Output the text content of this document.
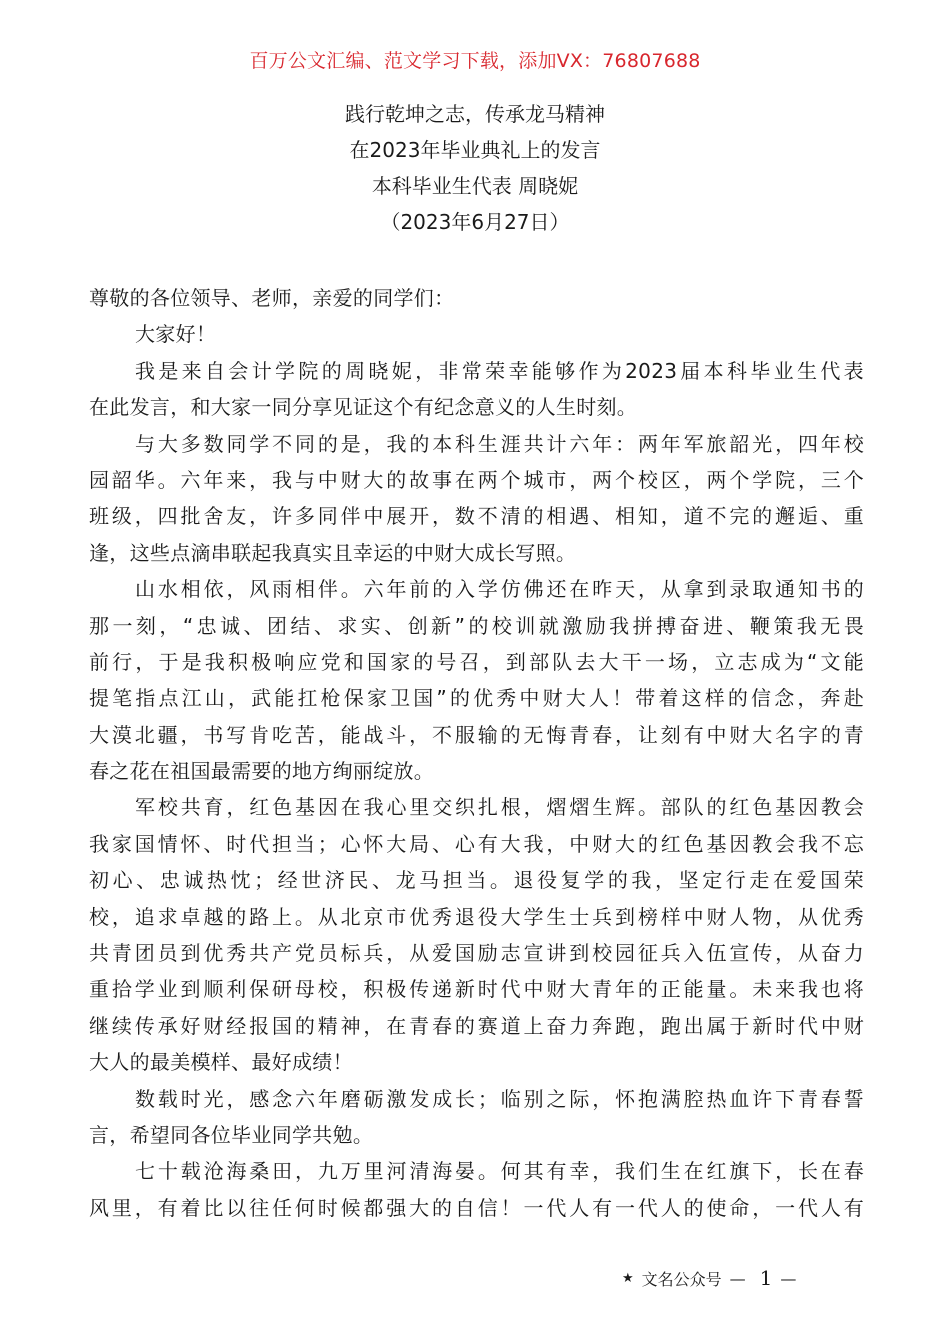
百万公文汇编、范文学习下载，添加VX：76807688
践行乾坤之志，传承龙马精神
在2023年毕业典礼上的发言
本科毕业生代表 周晓妮
（2023年6月27日）
尊敬的各位领导、老师，亲爱的同学们：
大家好！
我是来自会计学院的周晓妮，非常荣幸能够作为2023届本科毕业生代表
在此发言，和大家一同分享见证这个有纪念意义的人生时刻。
与大多数同学不同的是，我的本科生涯共计六年：两年军旅韶光，四年校
园韶华。六年来，我与中财大的故事在两个城市，两个校区，两个学院，三个
班级，四批舍友，许多同伴中展开，数不清的相遇、相知，道不完的邂逅、重
逢，这些点滴串联起我真实且幸运的中财大成长写照。
山水相依，风雨相伴。六年前的入学仿佛还在昨天，从拿到录取通知书的
那一刻，“忠诚、团结、求实、创新”的校训就激励我拼搏奋进、鞭策我无畏
前行，于是我积极响应党和国家的号召，到部队去大干一场，立志成为“文能
提笔指点江山，武能扛枪保家卫国”的优秀中财大人！带着这样的信念，奔赴
大漠北疆，书写肯吃苦，能战斗，不服输的无悔青春，让刻有中财大名字的青
春之花在祖国最需要的地方绚丽绽放。
军校共育，红色基因在我心里交织扎根，熠熠生辉。部队的红色基因教会
我家国情怀、时代担当；心怀大局、心有大我，中财大的红色基因教会我不忘
初心、忠诚热忱；经世济民、龙马担当。退役复学的我，坚定行走在爱国荣
校，追求卓越的路上。从北京市优秀退役大学生士兵到榜样中财人物，从优秀
共青团员到优秀共产党员标兵，从爱国励志宣讲到校园征兵入伍宣传，从奋力
重拾学业到顺利保研母校，积极传递新时代中财大青年的正能量。未来我也将
继续传承好财经报国的精神，在青春的赛道上奋力奔跑，跑出属于新时代中财
大人的最美模样、最好成绩！
数载时光，感念六年磨砺激发成长；临别之际，怀抱满腔热血许下青春誓
言，希望同各位毕业同学共勉。
七十载沧海桑田，九万里河清海晏。何其有幸，我们生在红旗下，长在春
风里，有着比以往任何时候都强大的自信！一代人有一代人的使命，一代人有
★ 文名公众号 — 1 —
